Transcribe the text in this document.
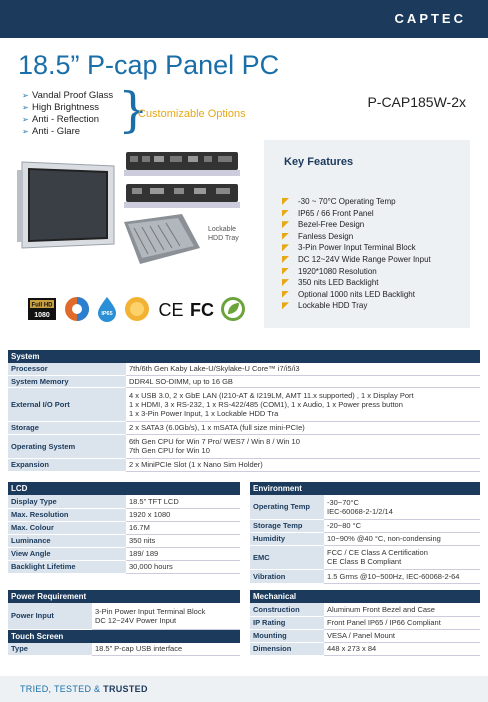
CAPTEC
18.5” P-cap Panel PC
➢ Vandal Proof Glass
➢ High Brightness
➢ Anti - Reflection
➢ Anti - Glare }
Customizable Options
P-CAP185W-2x
Lockable
HDD Tray
Key Features
-30 ~ 70°C Operating Temp
IP65 / 66 Front Panel
Bezel-Free Design
Fanless Design
3-Pin Power Input Terminal Block
DC 12~24V Wide Range Power Input
1920*1080 Resolution
350 nits LED Backlight
Optional 1000 nits LED Backlight
Lockable HDD Tray
Full HD
1080	IP65	CE FC
System	
Processor	7th/6th Gen Kaby Lake-U/Skylake-U Core™ i7/i5/i3
System Memory	DDR4L SO-DIMM, up to 16 GB
External I/O Port	4 x USB 3.0, 2 x GbE LAN (I210-AT & I219LM, AMT 11.x supported) , 1 x Display Port
1 x HDMI, 3 x RS-232, 1 x RS-422/485 (COM1), 1 x Audio, 1 x Power press button
1 x 3-Pin Power Input, 1 x Lockable HDD Tra

Storage	2 x SATA3 (6.0Gb/s), 1 x mSATA (full size mini-PCIe)
Operating System	6th Gen CPU for Win 7 Pro/ WES7 / Win 8 / Win 10
7th Gen CPU for Win 10

Expansion	2 x MiniPCIe Slot (1 x Nano Sim Holder)
LCD	
Display Type	18.5” TFT LCD
Max. Resolution	1920 x 1080
Max. Colour	16.7M
Luminance	350 nits
View Angle	189/ 189
Backlight Lifetime	30,000 hours
Environment	
Operating Temp	-30~70°C
IEC-60068-2-1/2/14

Storage Temp	-20~80 °C
Humidity	10~90% @40 °C, non-condensing
EMC	FCC / CE Class A Certification
CE Class B Compliant

Vibration	1.5 Grms @10~500Hz, IEC-60068-2-64
Power Requirement	
Power Input	3-Pin Power Input Terminal Block
DC 12~24V Power Input

Touch Screen	
Type	18.5” P-cap USB interface
Mechanical	
Construction	Aluminum Front Bezel and Case
IP Rating	Front Panel IP65 / IP66 Compliant
Mounting	VESA / Panel Mount
Dimension	448 x 273 x 84
TRIED, TESTED & TRUSTED
